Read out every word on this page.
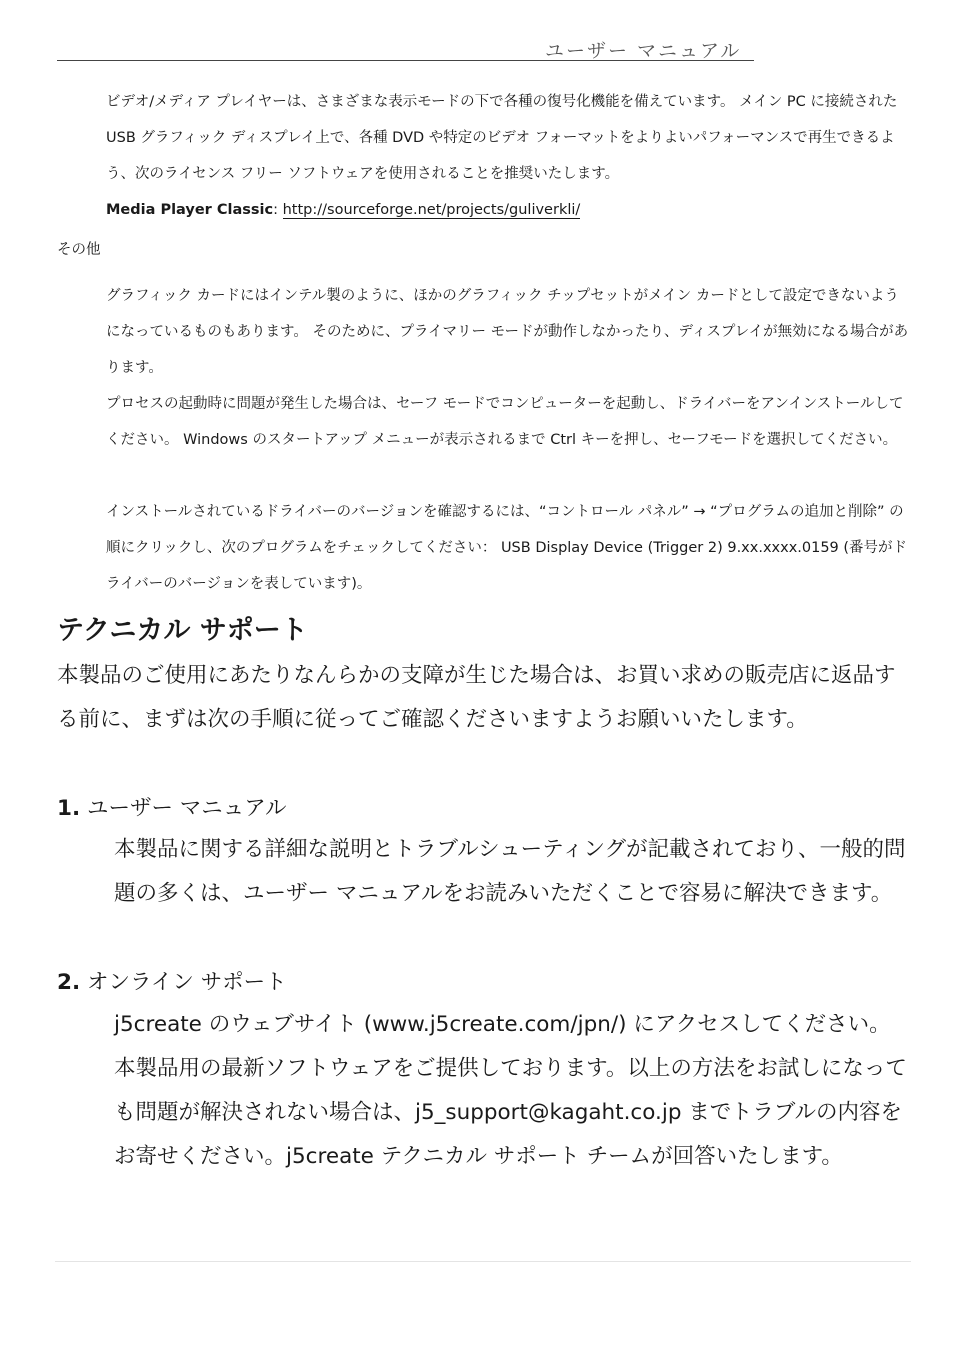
ユーザー マニュアル

ビデオ/メディア プレイヤーは、さまざまな表示モードの下で各種の復号化機能を備えています。 メイン PC に接続された USB グラフィック ディスプレイ上で、各種 DVD や特定のビデオ フォーマットをよりよいパフォーマンスで再生できるよう、次のライセンス フリー ソフトウェアを使用されることを推奨いたします。

Media Player Classic: http://sourceforge.net/projects/guliverkli/

その他

グラフィック カードにはインテル製のように、ほかのグラフィック チップセットがメイン カードとして設定できないようになっているものもあります。 そのために、プライマリー モードが動作しなかったり、ディスプレイが無効になる場合があります。

プロセスの起動時に問題が発生した場合は、セーフ モードでコンピューターを起動し、ドライバーをアンインストールしてください。 Windows のスタートアップ メニューが表示されるまで Ctrl キーを押し、セーフモードを選択してください。

インストールされているドライバーのバージョンを確認するには、“コントロール パネル” → “プログラムの追加と削除” の順にクリックし、次のプログラムをチェックしてください： USB Display Device (Trigger 2) 9.xx.xxxx.0159 (番号がドライバーのバージョンを表しています)。

テクニカル サポート

本製品のご使用にあたりなんらかの支障が生じた場合は、お買い求めの販売店に返品する前に、まずは次の手順に従ってご確認くださいますようお願いいたします。

1. ユーザー マニュアル

本製品に関する詳細な説明とトラブルシューティングが記載されており、一般的問題の多くは、ユーザー マニュアルをお読みいただくことで容易に解決できます。

2. オンライン サポート

j5create のウェブサイト (www.j5create.com/jpn/) にアクセスしてください。本製品用の最新ソフトウェアをご提供しております。以上の方法をお試しになっても問題が解決されない場合は、j5_support@kagaht.co.jp までトラブルの内容をお寄せください。j5create テクニカル サポート チームが回答いたします。
